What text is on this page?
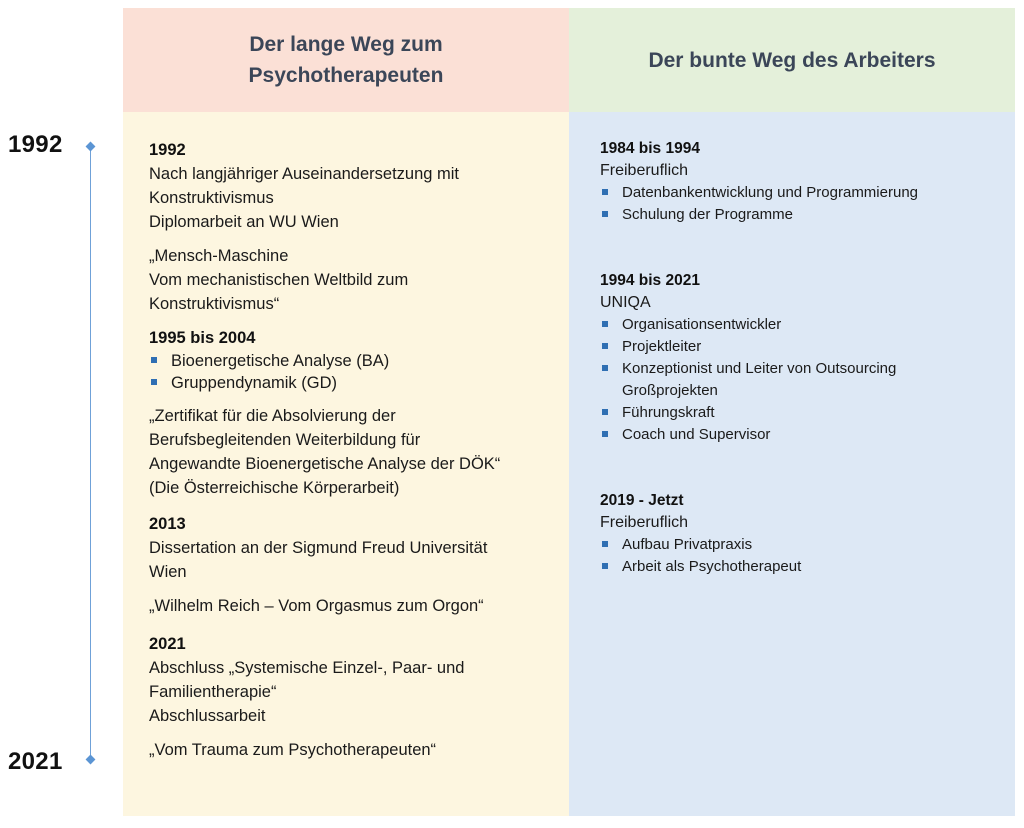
1992
2021
Der lange Weg zum
Psychotherapeuten
Der bunte Weg des Arbeiters
1992
Nach langjähriger Auseinandersetzung mit
Konstruktivismus
Diplomarbeit an WU Wien
„Mensch-Maschine
Vom mechanistischen Weltbild zum
Konstruktivismus“
1995 bis 2004
Bioenergetische Analyse (BA)
Gruppendynamik (GD)
„Zertifikat für die Absolvierung der
Berufsbegleitenden Weiterbildung für
Angewandte Bioenergetische Analyse der DÖK“
(Die Österreichische Körperarbeit)
2013
Dissertation an der Sigmund Freud Universität
Wien
„Wilhelm Reich – Vom Orgasmus zum Orgon“
2021
Abschluss „Systemische Einzel-, Paar- und
Familientherapie“
Abschlussarbeit
„Vom Trauma zum Psychotherapeuten“
1984 bis 1994
Freiberuflich
Datenbankentwicklung und Programmierung
Schulung der Programme
1994 bis 2021
UNIQA
Organisationsentwickler
Projektleiter
Konzeptionist und Leiter von Outsourcing
Großprojekten
Führungskraft
Coach und Supervisor
2019 - Jetzt
Freiberuflich
Aufbau Privatpraxis
Arbeit als Psychotherapeut
